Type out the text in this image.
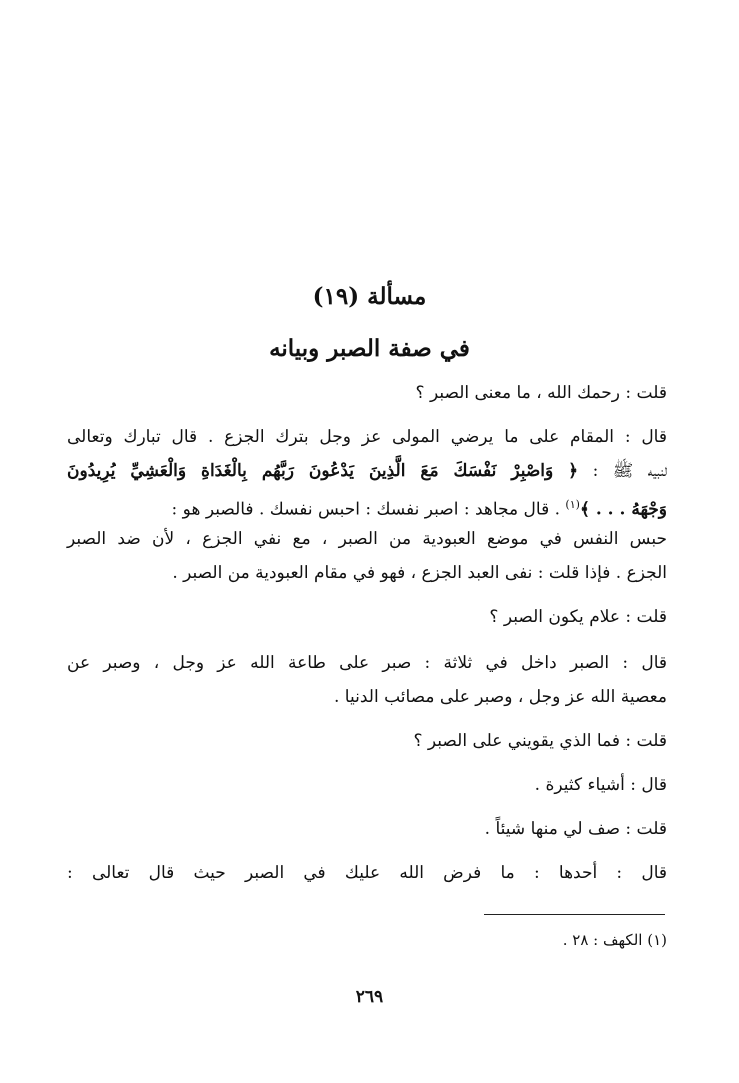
مسألة (١٩)
في صفة الصبر وبيانه
قلت : رحمك الله ، ما معنى الصبر ؟
قال : المقام على ما يرضي المولى عز وجل بترك الجزع . قال تبارك وتعالى
لنبيه ﷺ : ﴿ وَاصْبِرْ نَفْسَكَ مَعَ الَّذِينَ يَدْعُونَ رَبَّهُم بِالْغَدَاةِ وَالْعَشِيِّ يُرِيدُونَ
وَجْهَهُ . . . ﴾$^{(١)}$ . قال مجاهد : اصبر نفسك : احبس نفسك . فالصبر هو :
حبس النفس في موضع العبودية من الصبر ، مع نفي الجزع ، لأن ضد الصبر
الجزع . فإذا قلت : نفى العبد الجزع ، فهو في مقام العبودية من الصبر .
قلت : علام يكون الصبر ؟
قال : الصبر داخل في ثلاثة : صبر على طاعة الله عز وجل ، وصبر عن
معصية الله عز وجل ، وصبر على مصائب الدنيا .
قلت : فما الذي يقويني على الصبر ؟
قال : أشياء كثيرة .
قلت : صف لي منها شيئاً .
قال : أحدها : ما فرض الله عليك في الصبر حيث قال تعالى :
(١) الكهف : ٢٨ .
٢٦٩
